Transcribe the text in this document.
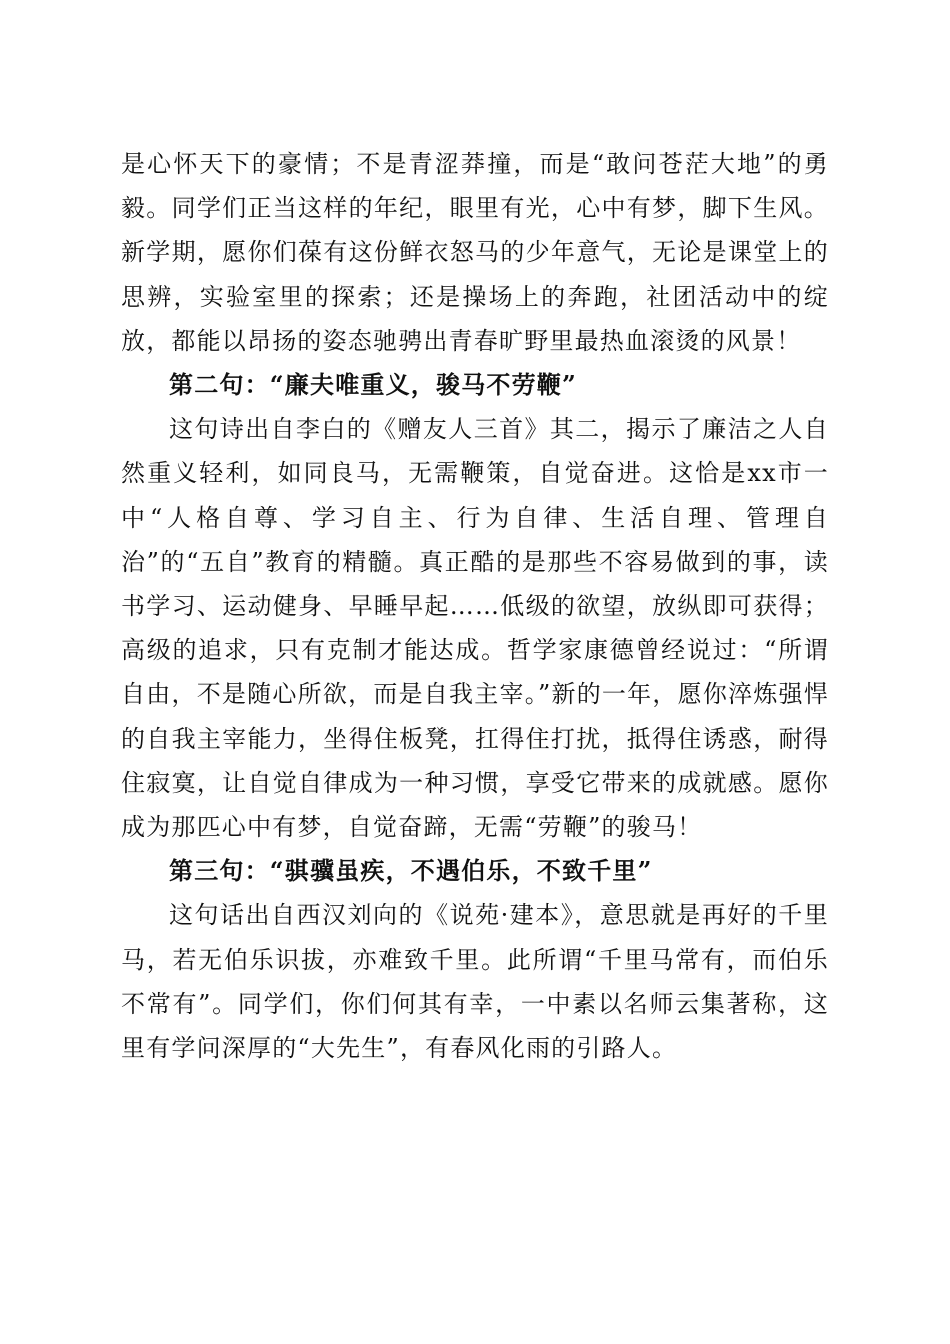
是心怀天下的豪情；不是青涩莽撞，而是“敢问苍茫大地”的勇毅。同学们正当这样的年纪，眼里有光，心中有梦，脚下生风。新学期，愿你们葆有这份鲜衣怒马的少年意气，无论是课堂上的思辨，实验室里的探索；还是操场上的奔跑，社团活动中的绽放，都能以昂扬的姿态驰骋出青春旷野里最热血滚烫的风景！

第二句：“廉夫唯重义，骏马不劳鞭”

这句诗出自李白的《赠友人三首》其二，揭示了廉洁之人自然重义轻利，如同良马，无需鞭策，自觉奋进。这恰是xx市一中“人格自尊、学习自主、行为自律、生活自理、管理自治”的“五自”教育的精髓。真正酷的是那些不容易做到的事，读书学习、运动健身、早睡早起……低级的欲望，放纵即可获得；高级的追求，只有克制才能达成。哲学家康德曾经说过：“所谓自由，不是随心所欲，而是自我主宰。”新的一年，愿你淬炼强悍的自我主宰能力，坐得住板凳，扛得住打扰，抵得住诱惑，耐得住寂寞，让自觉自律成为一种习惯，享受它带来的成就感。愿你成为那匹心中有梦，自觉奋蹄，无需“劳鞭”的骏马！

第三句：“骐骥虽疾，不遇伯乐，不致千里”

这句话出自西汉刘向的《说苑·建本》，意思就是再好的千里马，若无伯乐识拔，亦难致千里。此所谓“千里马常有，而伯乐不常有”。同学们，你们何其有幸，一中素以名师云集著称，这里有学问深厚的“大先生”，有春风化雨的引路人。
